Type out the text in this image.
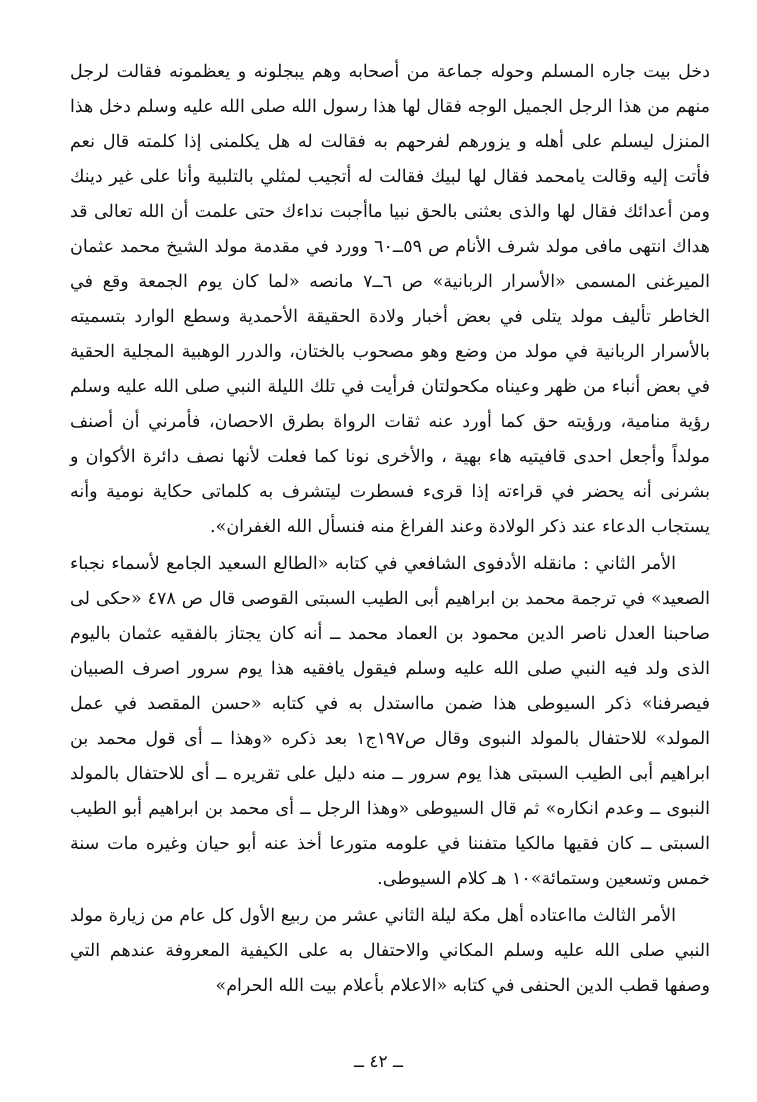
دخل بيت جاره المسلم وحوله جماعة من أصحابه وهم يبجلونه و يعظمونه فقالت لرجل منهم من هذا الرجل الجميل الوجه فقال لها هذا رسول الله صلى الله عليه وسلم دخل هذا المنزل ليسلم على أهله و يزورهم لفرحهم به فقالت له هل يكلمنى إذا كلمته قال نعم فأتت إليه وقالت يامحمد فقال لها لبيك فقالت له أتجيب لمثلي بالتلبية وأنا على غير دينك ومن أعدائك فقال لها والذى بعثنى بالحق نبيا ماأجبت نداءك حتى علمت أن الله تعالى قد هداك انتهى مافى مولد شرف الأنام ص ٥٩ــ٦٠ وورد في مقدمة مولد الشيخ محمد عثمان الميرغنى المسمى «الأسرار الربانية» ص ٦ــ٧ مانصه «لما كان يوم الجمعة وقع في الخاطر تأليف مولد يتلى في بعض أخبار ولادة الحقيقة الأحمدية وسطع الوارد بتسميته بالأسرار الربانية في مولد من وضع وهو مصحوب بالختان، والدرر الوهبية المجلية الحقية في بعض أنباء من ظهر وعيناه مكحولتان فرأيت في تلك الليلة النبي صلى الله عليه وسلم رؤية منامية، ورؤيته حق كما أورد عنه ثقات الرواة بطرق الاحصان، فأمرني أن أصنف مولداً وأجعل احدى قافيتيه هاء بهية ، والأخرى نونا كما فعلت لأنها نصف دائرة الأكوان و بشرنى أنه يحضر في قراءته إذا قرىء فسطرت ليتشرف به كلماتى حكاية نومية وأنه يستجاب الدعاء عند ذكر الولادة وعند الفراغ منه فنسأل الله الغفران».

الأمر الثاني : مانقله الأدفوى الشافعي في كتابه «الطالع السعيد الجامع لأسماء نجباء الصعيد» في ترجمة محمد بن ابراهيم أبى الطيب السبتى القوصى قال ص ٤٧٨ «حكى لى صاحبنا العدل ناصر الدين محمود بن العماد محمد ــ أنه كان يجتاز بالفقيه عثمان باليوم الذى ولد فيه النبي صلى الله عليه وسلم فيقول يافقيه هذا يوم سرور اصرف الصبيان فيصرفنا» ذكر السيوطى هذا ضمن مااستدل به في كتابه «حسن المقصد في عمل المولد» للاحتفال بالمولد النبوى وقال ص١٩٧ج١ بعد ذكره «وهذا ــ أى قول محمد بن ابراهيم أبى الطيب السبتى هذا يوم سرور ــ منه دليل على تقريره ــ أى للاحتفال بالمولد النبوى ــ وعدم انكاره» ثم قال السيوطى «وهذا الرجل ــ أى محمد بن ابراهيم أبو الطيب السبتى ــ كان فقيها مالكيا متفننا في علومه متورعا أخذ عنه أبو حيان وغيره مات سنة خمس وتسعين وستمائة»١٠ هـ كلام السيوطى.

الأمر الثالث مااعتاده أهل مكة ليلة الثاني عشر من ربيع الأول كل عام من زيارة مولد النبي صلى الله عليه وسلم المكاني والاحتفال به على الكيفية المعروفة عندهم التي وصفها قطب الدين الحنفى في كتابه «الاعلام بأعلام بيت الله الحرام»

ــ ٤٢ ــ
